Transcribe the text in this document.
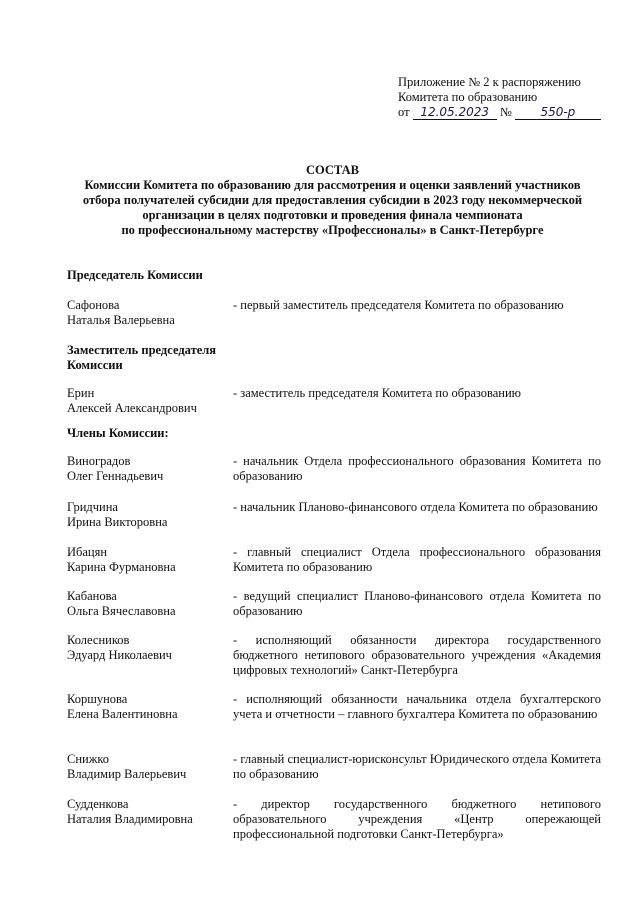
Приложение № 2 к распоряжению
Комитета по образованию
от 12.05.2023 № 550-р
СОСТАВ
Комиссии Комитета по образованию для рассмотрения и оценки заявлений участников
отбора получателей субсидии для предоставления субсидии в 2023 году некоммерческой
организации в целях подготовки и проведения финала чемпионата
по профессиональному мастерству «Профессионалы» в Санкт-Петербурге
Председатель Комиссии
Сафонова
Наталья Валерьевна
- первый заместитель председателя Комитета по образованию
Заместитель председателя
Комиссии
Ерин
Алексей Александрович
- заместитель председателя Комитета по образованию
Члены Комиссии:
Виноградов
Олег Геннадьевич
- начальник Отдела профессионального образования Комитета по образованию
Гридчина
Ирина Викторовна
- начальник Планово-финансового отдела Комитета по образованию
Ибацян
Карина Фурмановна
- главный специалист Отдела профессионального образования Комитета по образованию
Кабанова
Ольга Вячеславовна
- ведущий специалист Планово-финансового отдела Комитета по образованию
Колесников
Эдуард Николаевич
- исполняющий обязанности директора государственного бюджетного нетипового образовательного учреждения «Академия цифровых технологий» Санкт-Петербурга
Коршунова
Елена Валентиновна
- исполняющий обязанности начальника отдела бухгалтерского учета и отчетности – главного бухгалтера Комитета по образованию
Снижко
Владимир Валерьевич
- главный специалист-юрисконсульт Юридического отдела Комитета по образованию
Судденкова
Наталия Владимировна
- директор государственного бюджетного нетипового образовательного учреждения «Центр опережающей профессиональной подготовки Санкт-Петербурга»
